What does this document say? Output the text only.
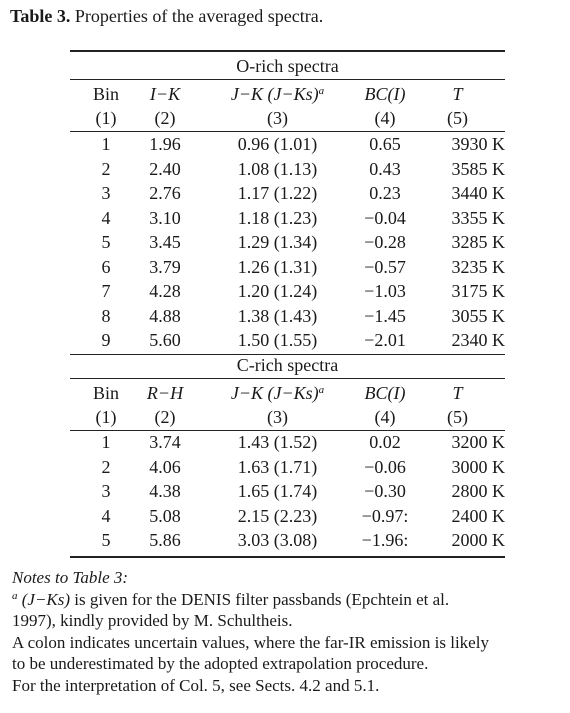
Table 3. Properties of the averaged spectra.
O-rich spectra
Bin	I−K	J−K $(J-Ks)^a$	BC(I)	T
(1)	(2)	(3)	(4)	(5)
1	1.96	0.96 (1.01)	0.65	3930 K
2	2.40	1.08 (1.13)	0.43	3585 K
3	2.76	1.17 (1.22)	0.23	3440 K
4	3.10	1.18 (1.23)	−0.04	3355 K
5	3.45	1.29 (1.34)	−0.28	3285 K
6	3.79	1.26 (1.31)	−0.57	3235 K
7	4.28	1.20 (1.24)	−1.03	3175 K
8	4.88	1.38 (1.43)	−1.45	3055 K
9	5.60	1.50 (1.55)	−2.01	2340 K
C-rich spectra
Bin	R−H	J−K $(J-Ks)^a$	BC(I)	T
(1)	(2)	(3)	(4)	(5)
1	3.74	1.43 (1.52)	0.02	3200 K
2	4.06	1.63 (1.71)	−0.06	3000 K
3	4.38	1.65 (1.74)	−0.30	2800 K
4	5.08	2.15 (2.23)	−0.97:	2400 K
5	5.86	3.03 (3.08)	−1.96:	2000 K
Notes to Table 3:
$^a$ (J−Ks) is given for the DENIS filter passbands (Epchtein et al.
1997), kindly provided by M. Schultheis.
A colon indicates uncertain values, where the far-IR emission is likely
to be underestimated by the adopted extrapolation procedure.
For the interpretation of Col. 5, see Sects. 4.2 and 5.1.
